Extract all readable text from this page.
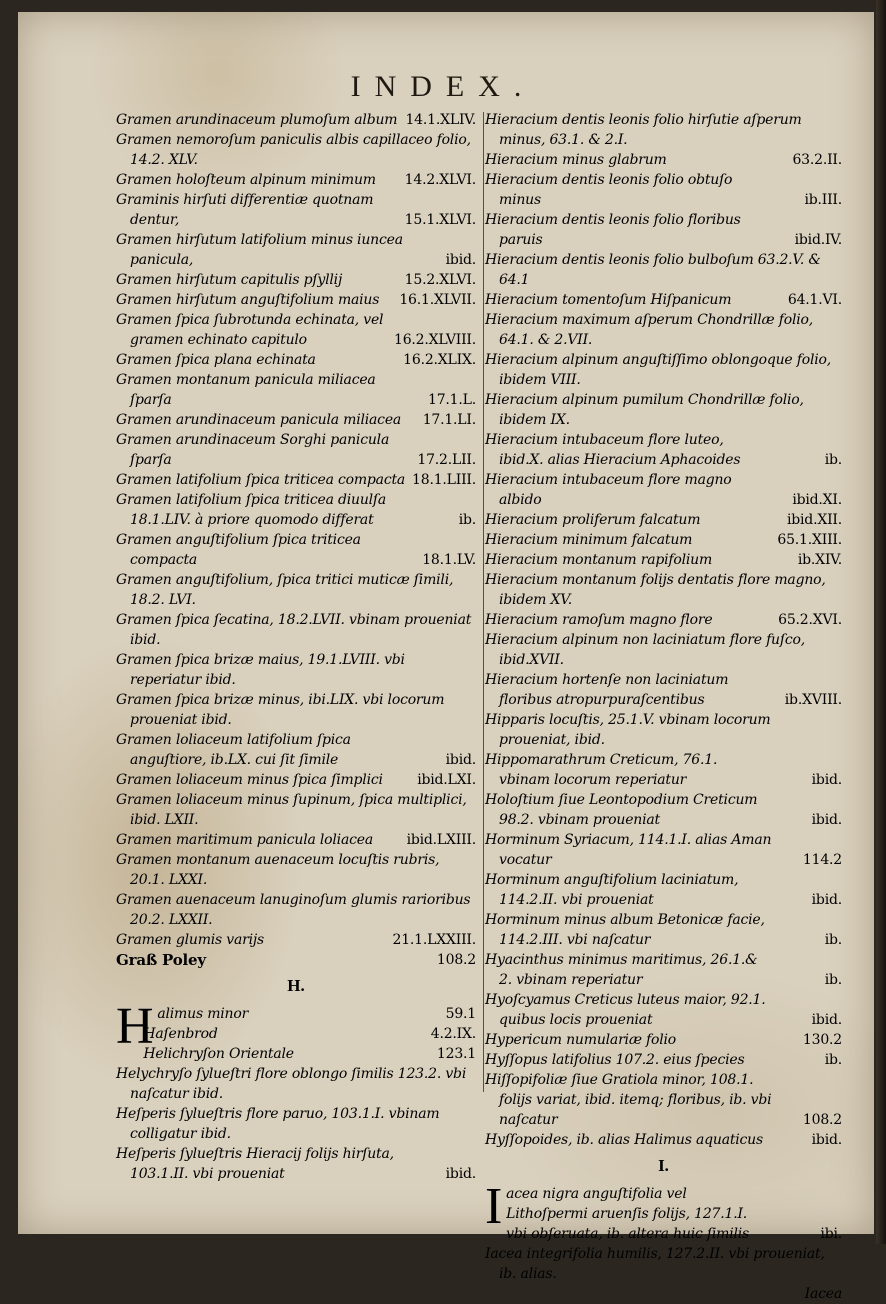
INDEX.
Gramen arundinaceum plumoſum album 14.1.XLIV.
Gramen nemoroſum paniculis albis capillaceo folio, 14.2. XLV.
Gramen holoſteum alpinum minimum	14.2.XLVI.
Graminis hirſuti differentiæ quotnam dentur,	15.1.XLVI.
Gramen hirſutum latifolium minus iuncea panicula,	ibid.
Gramen hirſutum capitulis pſyllij	15.2.XLVI.
Gramen hirſutum anguſtifolium maius	16.1.XLVII.
Gramen ſpica ſubrotunda echinata, vel gramen echinato capitulo	16.2.XLVIII.
Gramen ſpica plana echinata	16.2.XLIX.
Gramen montanum panicula miliacea ſparſa	17.1.L.
Gramen arundinaceum panicula miliacea	17.1.LI.
Gramen arundinaceum Sorghi panicula ſparſa	17.2.LII.
Gramen latifolium ſpica triticea compacta 18.1.LIII.
Gramen latifolium ſpica triticea diuulſa 18.1.LIV. à priore quomodo differat	ib.
Gramen anguſtifolium ſpica triticea compacta	18.1.LV.
Gramen anguſtifolium, ſpica tritici muticæ ſimili, 18.2. LVI.
Gramen ſpica ſecatina, 18.2.LVII. vbinam proueniat ibid.
Gramen ſpica brizæ maius, 19.1.LVIII. vbi reperiatur ibid.
Gramen ſpica brizæ minus, ibi.LIX. vbi locorum proueniat ibid.
Gramen loliaceum latifolium ſpica anguſtiore, ib.LX. cui ſit ſimile	ibid.
Gramen loliaceum minus ſpica ſimplici	ibid.LXI.
Gramen loliaceum minus ſupinum, ſpica multiplici, ibid. LXII.
Gramen maritimum panicula loliacea	ibid.LXIII.
Gramen montanum auenaceum locuſtis rubris, 20.1. LXXI.
Gramen auenaceum lanuginoſum glumis rarioribus 20.2. LXXII.
Gramen glumis varijs	21.1.LXXIII.
Graß Poley	108.2
H.
H alimus minor	59.1
Haſenbrod	4.2.IX.
Helichryſon Orientale	123.1
Helychryſo ſylueſtri flore oblongo ſimilis 123.2. vbi naſcatur ibid.
Heſperis ſylueſtris flore paruo, 103.1.I. vbinam colligatur ibid.
Heſperis ſylueſtris Hieracij folijs hirſuta, 103.1.II. vbi proueniat	ibid.
Hieracium dentis leonis folio hirſutie aſperum minus, 63.1. & 2.I.
Hieracium minus glabrum	63.2.II.
Hieracium dentis leonis folio obtuſo minus	ib.III.
Hieracium dentis leonis folio floribus paruis	ibid.IV.
Hieracium dentis leonis folio bulboſum 63.2.V. & 64.1
Hieracium tomentoſum Hiſpanicum	64.1.VI.
Hieracium maximum aſperum Chondrillæ folio, 64.1. & 2.VII.
Hieracium alpinum anguſtiſſimo oblongoque folio, ibidem VIII.
Hieracium alpinum pumilum Chondrillæ folio, ibidem IX.
Hieracium intubaceum flore luteo, ibid.X. alias Hieracium Aphacoides	ib.
Hieracium intubaceum flore magno albido	ibid.XI.
Hieracium proliferum falcatum	ibid.XII.
Hieracium minimum falcatum	65.1.XIII.
Hieracium montanum rapifolium	ib.XIV.
Hieracium montanum folijs dentatis flore magno, ibidem XV.
Hieracium ramoſum magno flore	65.2.XVI.
Hieracium alpinum non laciniatum flore fuſco, ibid.XVII.
Hieracium hortenſe non laciniatum floribus atropurpuraſcentibus	ib.XVIII.
Hipparis locuſtis, 25.1.V. vbinam locorum proueniat, ibid.
Hippomarathrum Creticum, 76.1. vbinam locorum reperiatur	ibid.
Holoſtium ſiue Leontopodium Creticum 98.2. vbinam proueniat	ibid.
Horminum Syriacum, 114.1.I. alias Aman vocatur	114.2
Horminum anguſtifolium laciniatum, 114.2.II. vbi proueniat	ibid.
Horminum minus album Betonicæ facie, 114.2.III. vbi naſcatur	ib.
Hyacinthus minimus maritimus, 26.1.& 2. vbinam reperiatur	ib.
Hyoſcyamus Creticus luteus maior, 92.1. quibus locis proueniat	ibid.
Hypericum numulariæ folio	130.2
Hyſſopus latifolius 107.2. eius ſpecies	ib.
Hiſſopifoliæ ſiue Gratiola minor, 108.1. folijs variat, ibid. itemq; floribus, ib. vbi naſcatur	108.2
Hyſſopoides, ib. alias Halimus aquaticus	ibid.
I.
I acea nigra anguſtifolia vel Lithoſpermi aruenſis folijs, 127.1.I. vbi obſeruata, ib. altera huic ſimilis	ibi.
Iacea integrifolia humilis, 127.2.II. vbi proueniat, ib. alias.
Iacea
